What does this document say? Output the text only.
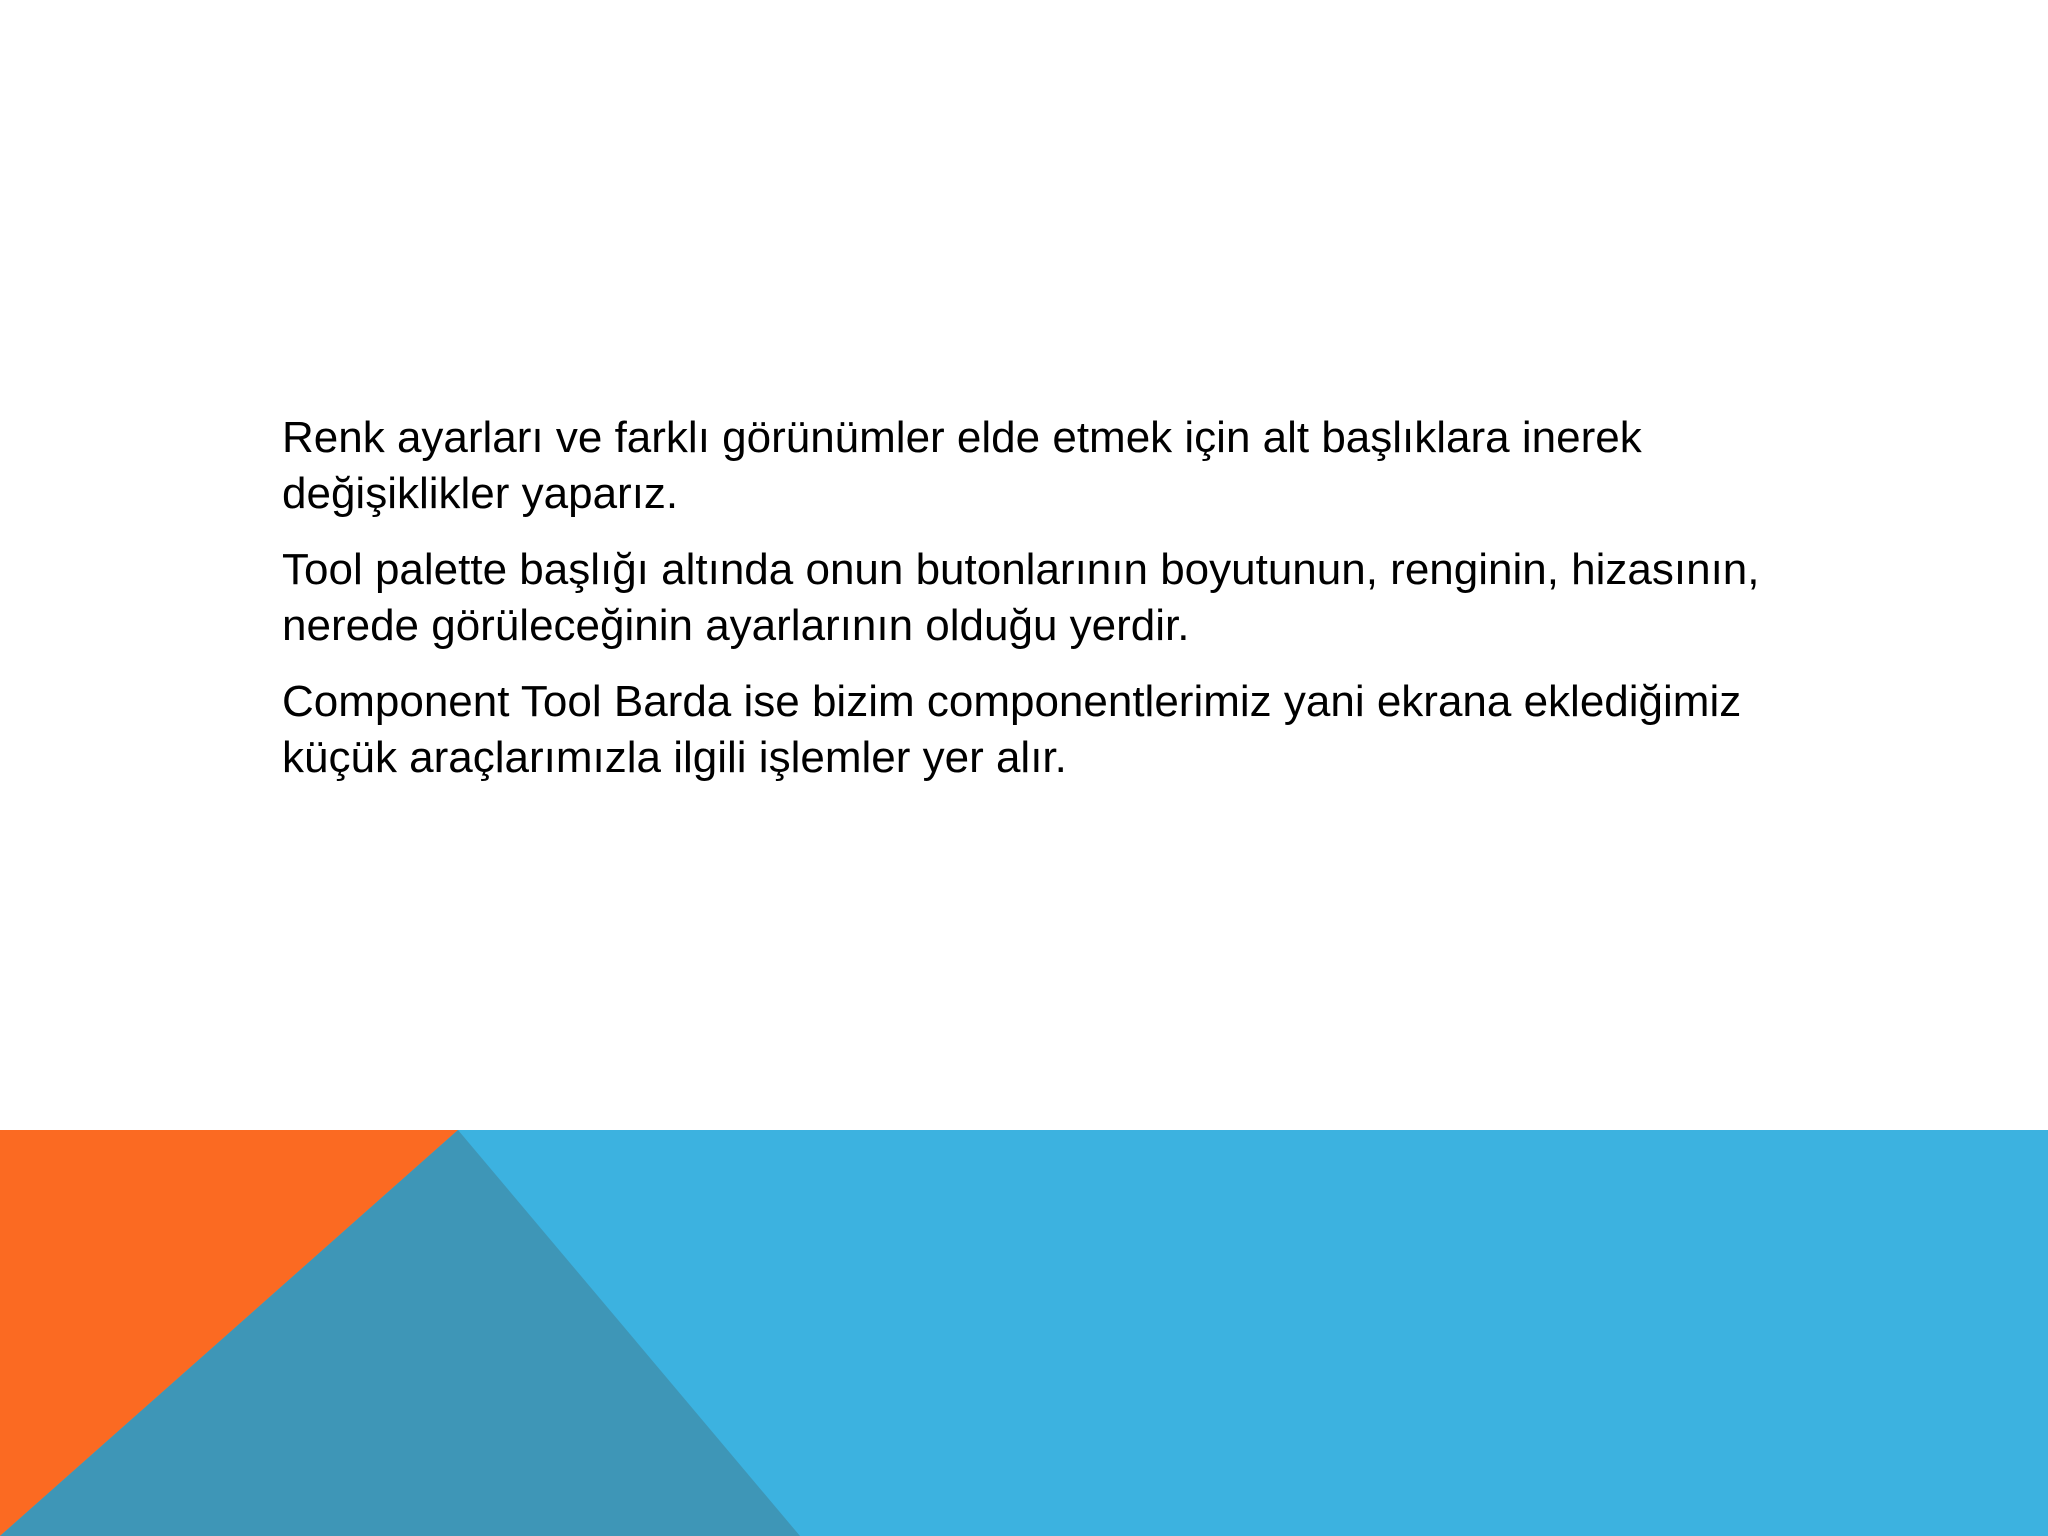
Renk ayarları ve farklı görünümler elde etmek için alt başlıklara inerek değişiklikler yaparız.

Tool palette başlığı altında onun butonlarının boyutunun, renginin, hizasının, nerede görüleceğinin ayarlarının olduğu yerdir.

Component Tool Barda ise bizim componentlerimiz yani ekrana eklediğimiz küçük araçlarımızla ilgili işlemler yer alır.
